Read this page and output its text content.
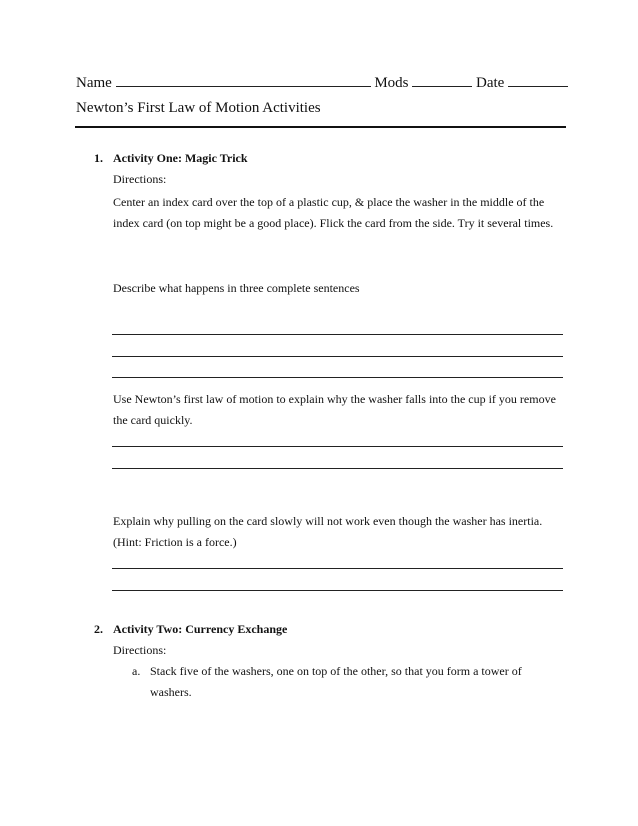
Name	Mods	Date
Newton’s First Law of Motion Activities
1. Activity One: Magic Trick
Directions:
Center an index card over the top of a plastic cup, & place the washer in the middle of the index card (on top might be a good place). Flick the card from the side. Try it several times.
Describe what happens in three complete sentences
Use Newton’s first law of motion to explain why the washer falls into the cup if you remove the card quickly.
Explain why pulling on the card slowly will not work even though the washer has inertia. (Hint: Friction is a force.)
2. Activity Two: Currency Exchange
Directions:
a. Stack five of the washers, one on top of the other, so that you form a tower of washers.
